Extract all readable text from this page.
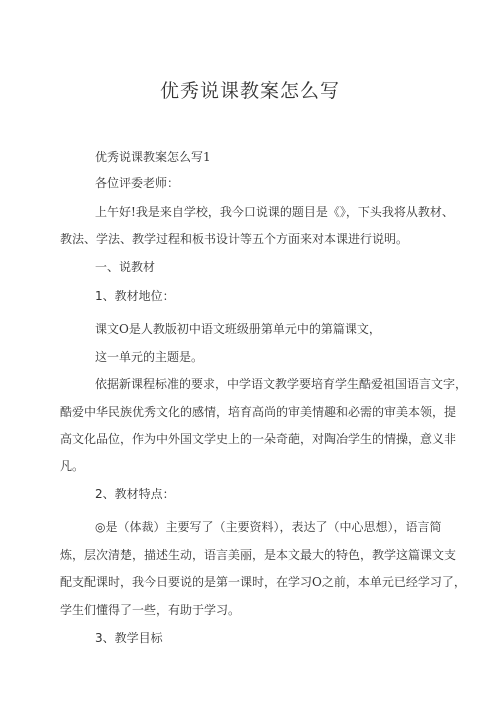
优秀说课教案怎么写
优秀说课教案怎么写1
各位评委老师：
上午好!我是来自学校，我今口说课的题目是《》，下头我将从教材、
教法、学法、教学过程和板书设计等五个方面来对本课进行说明。
一、说教材
1、教材地位：
课文O是人教版初中语文班级册第单元中的第篇课文，
这一单元的主题是。
依据新课程标准的要求，中学语文教学要培育学生酷爱祖国语言文字，
酷爱中华民族优秀文化的感情，培育高尚的审美情趣和必需的审美本领，提
高文化品位，作为中外国文学史上的一朵奇葩，对陶冶学生的情操，意义非
凡。
2、教材特点：
◎是（体裁）主要写了（主要资料），表达了（中心思想），语言简
炼，层次清楚，描述生动，语言美丽，是本文最大的特色，教学这篇课文支
配支配课时，我今日要说的是第一课时，在学习O之前，本单元已经学习了，
学生们懂得了一些，有助于学习。
3、教学目标
